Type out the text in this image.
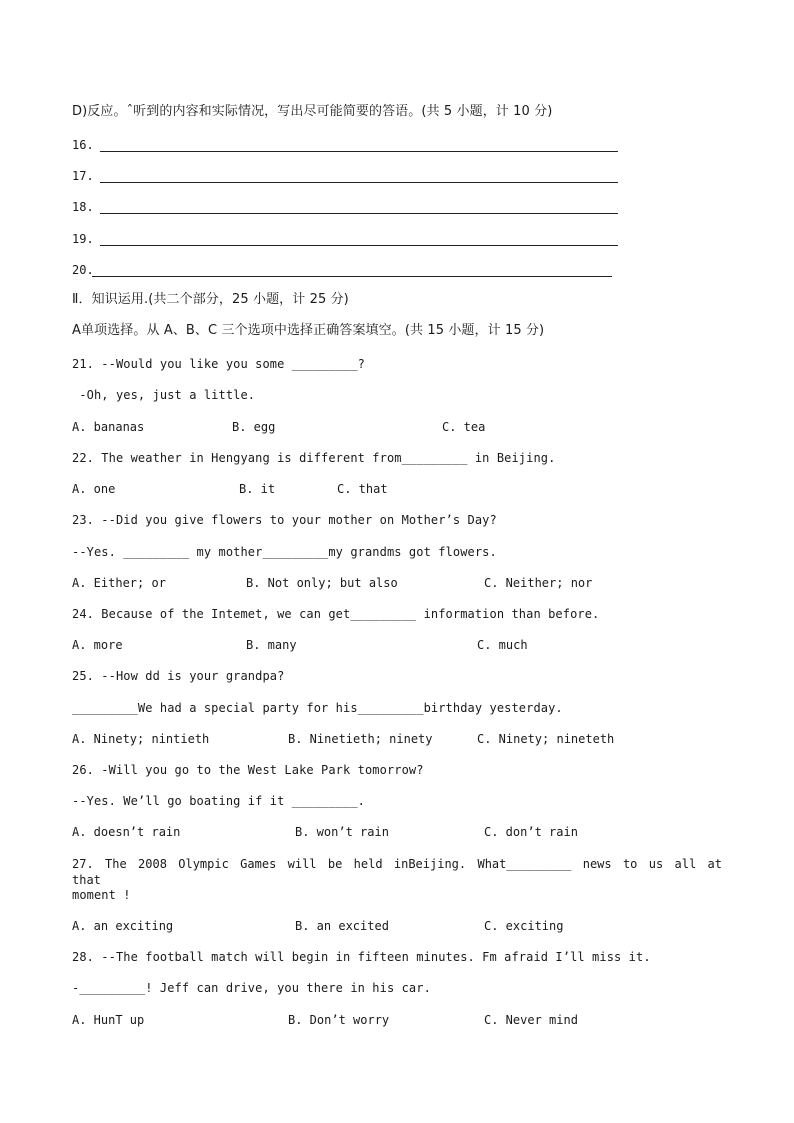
D)反应。ˆ听到的内容和实际情况，写出尽可能简要的答语。(共 5 小题，计 10 分)
16.
17.
18.
19.
20.
Ⅱ．知识运用.(共二个部分，25 小题，计 25 分)
A单项选择。从 A、B、C 三个选项中选择正确答案填空。(共 15 小题，计 15 分)
21. --Would you like you some _________?
-Oh, yes, just a little.
A. bananas	B. egg	C. tea
22. The weather in Hengyang is different from_________ in Beijing.
A. one	B. it	C. that
23. --Did you give flowers to your mother on Mother’s Day?
--Yes. _________ my mother_________my grandms got flowers.
A. Either; or	B. Not only; but also	C. Neither; nor
24. Because of the Intemet, we can get_________ information than before.
A. more	B. many	C. much
25. --How dd is your grandpa?
_________We had a special party for his_________birthday yesterday.
A. Ninety; nintieth	B. Ninetieth; ninety	C. Ninety; nineteth
26. -Will you go to the West Lake Park tomorrow?
--Yes. We’ll go boating if it _________.
A. doesn’t rain	B. won’t rain	C. don’t rain
27. The 2008 Olympic Games will be held inBeijing. What_________ news to us all at that
moment !
A. an exciting	B. an excited	C. exciting
28. --The football match will begin in fifteen minutes. Fm afraid I’ll miss it.
-_________! Jeff can drive, you there in his car.
A. HunT up	B. Don’t worry	C. Never mind
